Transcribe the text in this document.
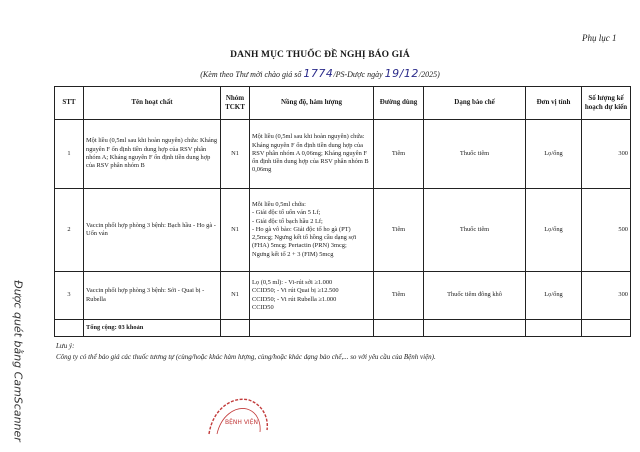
Phụ lục 1
DANH MỤC THUỐC ĐỀ NGHỊ BÁO GIÁ
(Kèm theo Thư mời chào giá số 1774/PS-Dược ngày 19/12/2025)
STT	Tên hoạt chất	Nhóm TCKT	Nồng độ, hàm lượng	Đường dùng	Dạng bào chế	Đơn vị tính	Số lượng kế hoạch dự kiến
1	Một liều (0,5ml sau khi hoàn nguyên) chứa: Kháng nguyên F ổn định tiền dung hợp của RSV phân nhóm A; Kháng nguyên F ổn định tiền dung hợp của RSV phân nhóm B	N1	Một liều (0,5ml sau khi hoàn nguyên) chứa: Kháng nguyên F ổn định tiền dung hợp của RSV phân nhóm A 0,06mg; Kháng nguyên F ổn định tiền dung hợp của RSV phân nhóm B 0,06mg	Tiêm	Thuốc tiêm	Lọ/ống	300
2	Vaccin phối hợp phòng 3 bệnh: Bạch hầu - Ho gà - Uốn ván	N1	Mỗi liều 0,5ml chứa:
- Giải độc tố uốn ván 5 Lf;
- Giải độc tố bạch hầu 2 Lf;
- Ho gà vô bào: Giải độc tố ho gà (PT) 2,5mcg; Ngưng kết tố hồng cầu dạng sợi (FHA) 5mcg; Pertactin (PRN) 3mcg;
Ngưng kết tố 2 + 3 (FIM) 5mcg	Tiêm	Thuốc tiêm	Lọ/ống	500
3	Vaccin phối hợp phòng 3 bệnh: Sởi - Quai bị - Rubella	N1	Lọ (0,5 ml): - Vi-rút sởi ≥1.000
CCID50; - Vi rút Quai bị ≥12.500
CCID50; - Vi rút Rubella ≥1.000
CCID50	Tiêm	Thuốc tiêm đông khô	Lọ/ống	300
	Tổng cộng: 03 khoản						
Lưu ý:
Công ty có thể báo giá các thuốc tương tự (cùng/hoặc khác hàm lượng, cùng/hoặc khác dạng bào chế,... so với yêu cầu của Bệnh viện).
Được quét bằng CamScanner	BỆNH VIỆN
